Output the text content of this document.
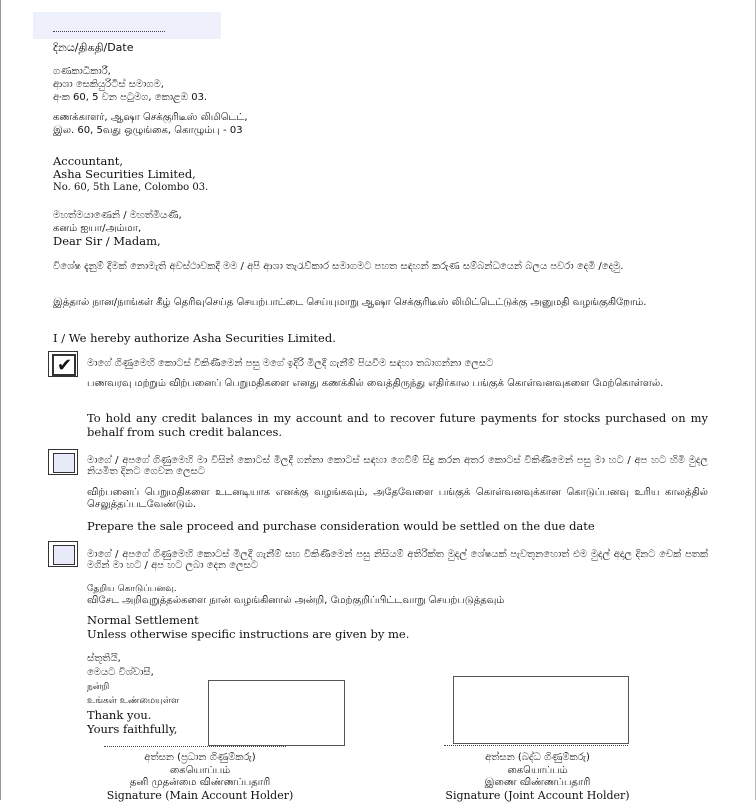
දිනය/திகதி/Date
ගණකාධිකාරී,
ආශා සෙකියුරිටීස් සමාගම,
අංක 60, 5 වන පටුමග, කොළඹ 03.
கணக்காளர், ஆஷா செக்குரிடீஸ் லிமிடெட்,
இல. 60, 5வது ஒழுங்கை, கொழும்பு - 03
Accountant,
Asha Securities Limited,
No. 60, 5th Lane, Colombo 03.
මහත්මයාණෙනි / මහත්මියණි,
கனம் ஐயா/அம்மா,
Dear Sir / Madam,
විශේෂ දැනුම් දීමක් නොමැති අවස්ථාවකදී මම / අපි ආශා තැරැව්කාර සමාගමට පහත සඳහන් කරුණ සම්බන්ධයෙන් බලය පවරා දෙමි /දෙමු.
இத்தால் நான/நாங்கள் கீழ் தெரிவுசெய்த செயற்பாட்டை செய்யுமாறு ஆஷா செக்குரிடீஸ் லிமிட்டெட்டுக்கு அனுமதி வழங்குகிறோம்.
I / We hereby authorize Asha Securities Limited.
✔ මාගේ ගිණුමෙහි කොටස් විකිණීමෙන් පසු මගේ ඉදිරි මිලදී ගැනීම් පියවීම සඳහා තබාගන්නා ලෙසට
பணவரவு மற்றும் விற்பனைப் பெறுமதிகளை எனது கணக்கில் வைத்திருந்து எதிர்கால பங்குக் கொள்வனவுகளை மேற்கொள்ளல்.
To hold any credit balances in my account and to recover future payments for stocks purchased on my behalf from such credit balances.
මාගේ / අපගේ ගිණුමෙහි මා විසින් කොටස් මිලදී ගන්නා කොටස් සඳහා ගෙවීම් සිදු කරන අතර කොටස් විකිණීමෙන් පසු මා හට / අප හට හිමි මුදල නියමිත දිනට ගෙවන ලෙසට
விற்பனைப் பெறுமதிகளை உடனடியாக எனக்கு வழங்கவும், அதேவேளை பங்குக் கொள்வனவுக்கான கொடுப்பனவு உரிய காலத்தில் செலுத்தப்படவேண்டும்.
Prepare the sale proceed and purchase consideration would be settled on the due date
මාගේ / අපගේ ගිණුමෙහි කොටස් මිලදී ගැනීම් සහ විකිණීමෙන් පසු නිසියම් අතිරික්ත මුදල් ශේෂයක් පැවතුනහොත් එම මුදල් අදාල දිනට චෙක් පතක් මගින් මා හට / අප හට ලබා දෙන ලෙසට
தேறிய கொடுப்பனவு.
விசேட அறிவுறுத்தல்களை நான் வழங்கினால் அன்றி, மேற்குறிப்பிட்டவாறு செயற்படுத்தவும்
Normal Settlement
Unless otherwise specific instructions are given by me.
ස්තූතියි,
මෙයට විශ්වාසී,
நன்றி
உங்கள் உண்மையுள்ள
Thank you.
Yours faithfully,
අත්සන (ප්‍රධාන ගිණුම්කරු)
கையொப்பம்
தனி முதன்மை விண்ணப்பதாரி
Signature (Main Account Holder)
අත්සන (බද්ධ ගිණුම්කරු)
கையொப்பம்
இணை விண்ணப்பதாரி
Signature (Joint Account Holder)
